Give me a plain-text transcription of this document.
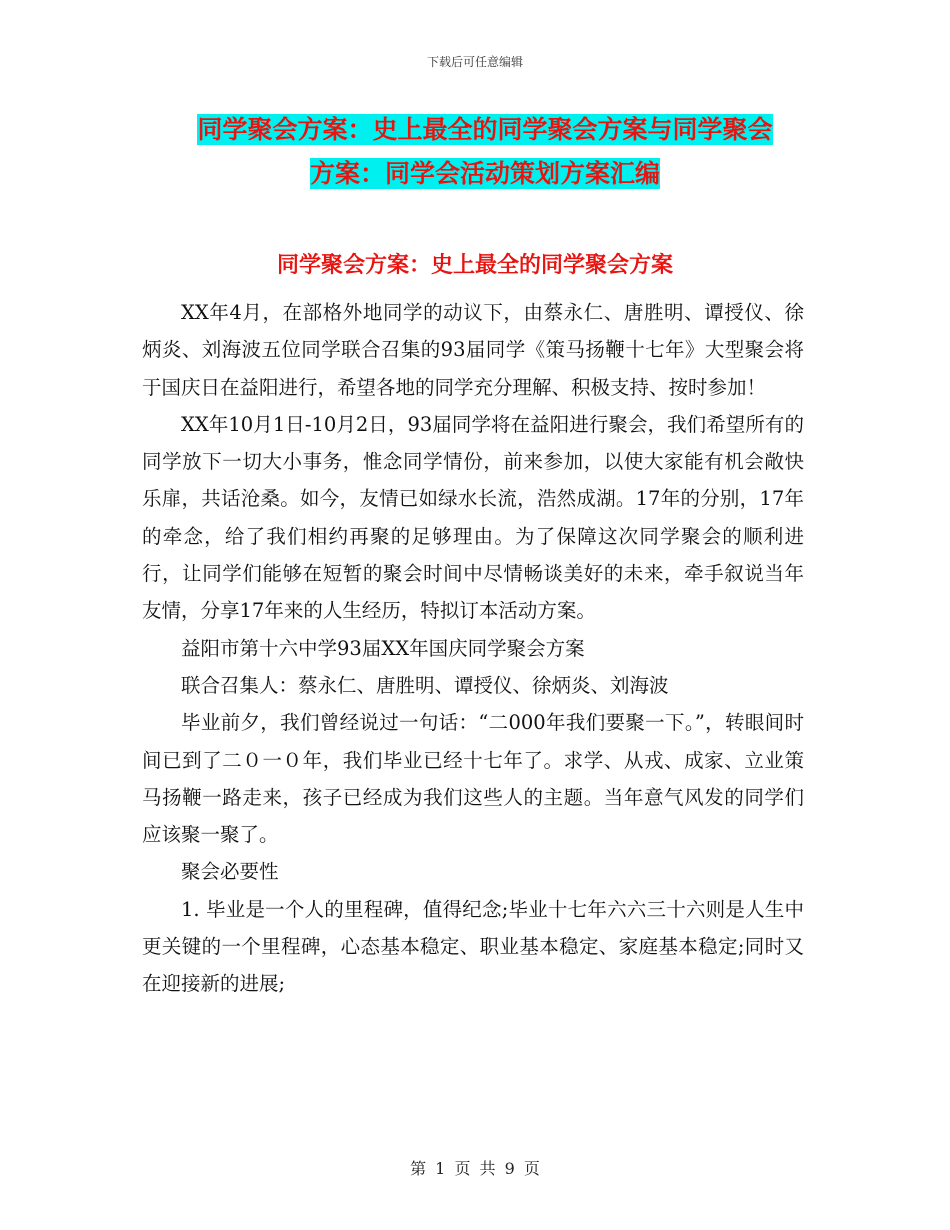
下载后可任意编辑
同学聚会方案：史上最全的同学聚会方案与同学聚会
方案：同学会活动策划方案汇编
同学聚会方案：史上最全的同学聚会方案

XX年4月，在部格外地同学的动议下，由蔡永仁、唐胜明、谭授仪、徐炳炎、刘海波五位同学联合召集的93届同学《策马扬鞭十七年》大型聚会将于国庆日在益阳进行，希望各地的同学充分理解、积极支持、按时参加！

XX年10月1日-10月2日，93届同学将在益阳进行聚会，我们希望所有的同学放下一切大小事务，惟念同学情份，前来参加，以使大家能有机会敞快乐扉，共话沧桑。如今，友情已如绿水长流，浩然成湖。17年的分别，17年的牵念，给了我们相约再聚的足够理由。为了保障这次同学聚会的顺利进行，让同学们能够在短暂的聚会时间中尽情畅谈美好的未来，牵手叙说当年友情，分享17年来的人生经历，特拟订本活动方案。

益阳市第十六中学93届XX年国庆同学聚会方案

联合召集人：蔡永仁、唐胜明、谭授仪、徐炳炎、刘海波

毕业前夕，我们曾经说过一句话：“二000年我们要聚一下。”，转眼间时间已到了二０一０年，我们毕业已经十七年了。求学、从戎、成家、立业策马扬鞭一路走来，孩子已经成为我们这些人的主题。当年意气风发的同学们应该聚一聚了。

聚会必要性

1. 毕业是一个人的里程碑，值得纪念;毕业十七年六六三十六则是人生中更关键的一个里程碑，心态基本稳定、职业基本稳定、家庭基本稳定;同时又在迎接新的进展;

第 1 页 共 9 页
